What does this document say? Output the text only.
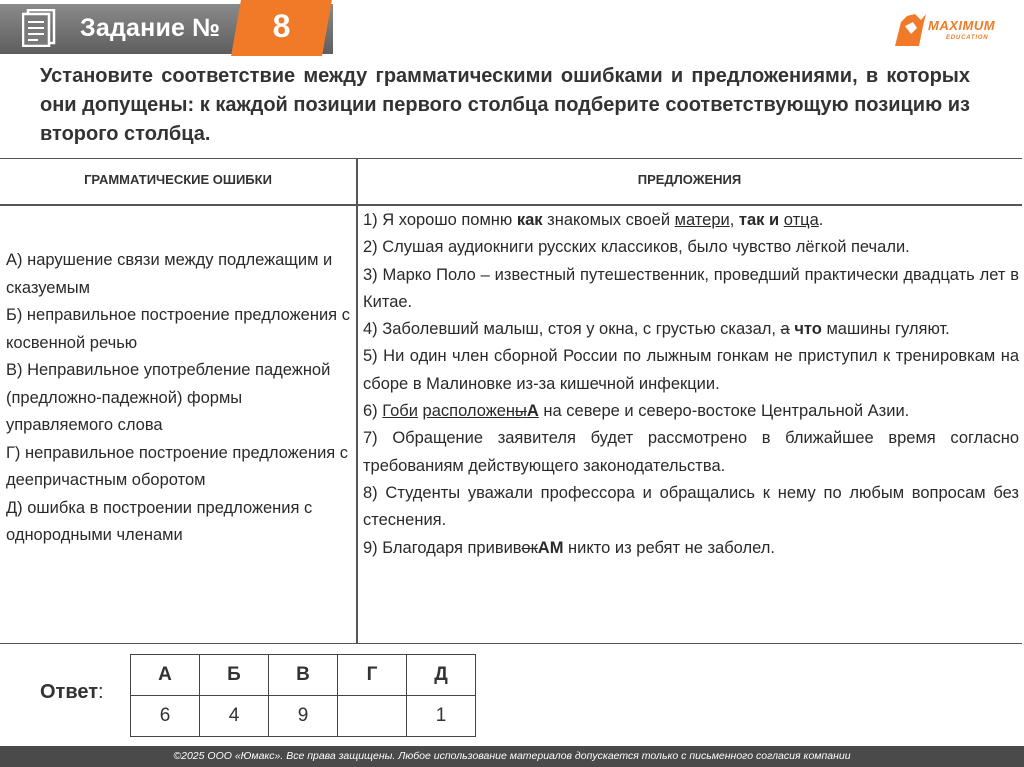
Задание №	8	MAXIMUM
EDUCATION
Установите соответствие между грамматическими ошибками и предложениями, в которых они допущены: к каждой позиции первого столбца подберите соответствующую позицию из второго столбца.
ГРАММАТИЧЕСКИЕ ОШИБКИ	ПРЕДЛОЖЕНИЯ
А) нарушение связи между подлежащим и сказуемым
Б) неправильное построение предложения с косвенной речью
В) Неправильное употребление падежной (предложно-падежной) формы управляемого слова
Г) неправильное построение предложения с деепричастным оборотом
Д) ошибка в построении предложения с однородными членами
1) Я хорошо помню как знакомых своей матери, так и отца.
2) Слушая аудиокниги русских классиков, было чувство лёгкой печали.
3) Марко Поло – известный путешественник, проведший практически двадцать лет в Китае.
4) Заболевший малыш, стоя у окна, с грустью сказал, а что машины гуляют.
5) Ни один член сборной России по лыжным гонкам не приступил к тренировкам на сборе в Малиновке из-за кишечной инфекции.
6) Гоби расположеныА на севере и северо-востоке Центральной Азии.
7) Обращение заявителя будет рассмотрено в ближайшее время согласно требованиям действующего законодательства.
8) Студенты уважали профессора и обращались к нему по любым вопросам без стеснения.
9) Благодаря прививокАМ никто из ребят не заболел.
Ответ:
А	Б	В	Г	Д
6	4	9		1
©2025 ООО «Юмакс». Все права защищены. Любое использование материалов допускается только с письменного согласия компании
